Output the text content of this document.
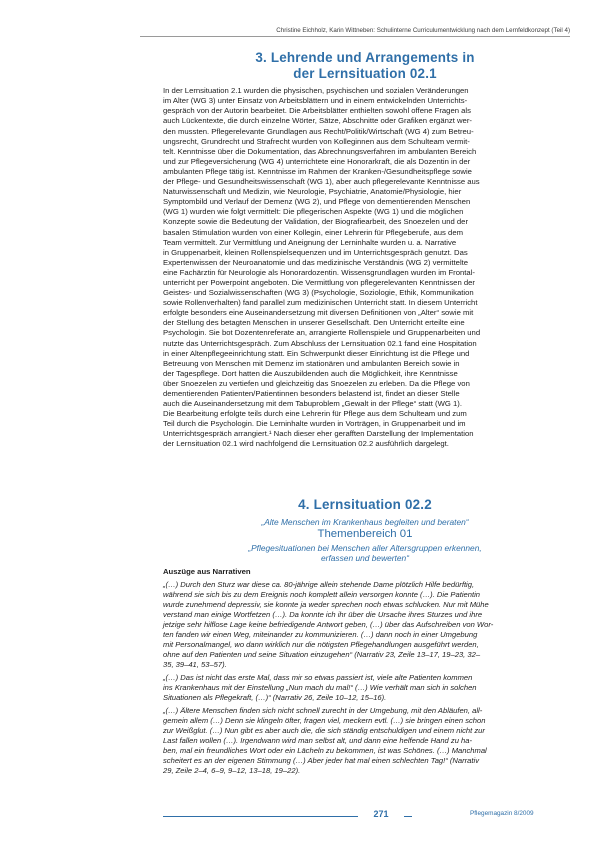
Christine Eichholz, Karin Wittneben: Schulinterne Curriculumentwicklung nach dem Lernfeldkonzept (Teil 4)
3. Lehrende und Arrangements in
der Lernsituation 02.1

In der Lernsituation 2.1 wurden die physischen, psychischen und sozialen Veränderungen
im Alter (WG 3) unter Einsatz von Arbeitsblättern und in einem entwickelnden Unterrichts-
gespräch von der Autorin bearbeitet. Die Arbeitsblätter enthielten sowohl offene Fragen als
auch Lückentexte, die durch einzelne Wörter, Sätze, Abschnitte oder Grafiken ergänzt wer-
den mussten. Pflegerelevante Grundlagen aus Recht/Politik/Wirtschaft (WG 4) zum Betreu-
ungsrecht, Grundrecht und Strafrecht wurden von Kolleginnen aus dem Schulteam vermit-
telt. Kenntnisse über die Dokumentation, das Abrechnungsverfahren im ambulanten Bereich
und zur Pflegeversicherung (WG 4) unterrichtete eine Honorarkraft, die als Dozentin in der
ambulanten Pflege tätig ist. Kenntnisse im Rahmen der Kranken-/Gesundheitspflege sowie
der Pflege- und Gesundheitswissenschaft (WG 1), aber auch pflegerelevante Kenntnisse aus
Naturwissenschaft und Medizin, wie Neurologie, Psychiatrie, Anatomie/Physiologie, hier
Symptombild und Verlauf der Demenz (WG 2), und Pflege von dementierenden Menschen
(WG 1) wurden wie folgt vermittelt: Die pflegerischen Aspekte (WG 1) und die möglichen
Konzepte sowie die Bedeutung der Validation, der Biografiearbeit, des Snoezelen und der
basalen Stimulation wurden von einer Kollegin, einer Lehrerin für Pflegeberufe, aus dem
Team vermittelt. Zur Vermittlung und Aneignung der Lerninhalte wurden u. a. Narrative
in Gruppenarbeit, kleinen Rollenspielsequenzen und im Unterrichtsgespräch genutzt. Das
Expertenwissen der Neuroanatomie und das medizinische Verständnis (WG 2) vermittelte
eine Fachärztin für Neurologie als Honorardozentin. Wissensgrundlagen wurden im Frontal-
unterricht per Powerpoint angeboten. Die Vermittlung von pflegerelevanten Kenntnissen der
Geistes- und Sozialwissenschaften (WG 3) (Psychologie, Soziologie, Ethik, Kommunikation
sowie Rollenverhalten) fand parallel zum medizinischen Unterricht statt. In diesem Unterricht
erfolgte besonders eine Auseinandersetzung mit diversen Definitionen von „Alter“ sowie mit
der Stellung des betagten Menschen in unserer Gesellschaft. Den Unterricht erteilte eine
Psychologin. Sie bot Dozentenreferate an, arrangierte Rollenspiele und Gruppenarbeiten und
nutzte das Unterrichtsgespräch. Zum Abschluss der Lernsituation 02.1 fand eine Hospitation
in einer Altenpflegeeinrichtung statt. Ein Schwerpunkt dieser Einrichtung ist die Pflege und
Betreuung von Menschen mit Demenz im stationären und ambulanten Bereich sowie in
der Tagespflege. Dort hatten die Auszubildenden auch die Möglichkeit, ihre Kenntnisse
über Snoezelen zu vertiefen und gleichzeitig das Snoezelen zu erleben. Da die Pflege von
dementierenden Patienten/Patientinnen besonders belastend ist, findet an dieser Stelle
auch die Auseinandersetzung mit dem Tabuproblem „Gewalt in der Pflege“ statt (WG 1).
Die Bearbeitung erfolgte teils durch eine Lehrerin für Pflege aus dem Schulteam und zum
Teil durch die Psychologin. Die Lerninhalte wurden in Vorträgen, in Gruppenarbeit und im
Unterrichtsgespräch arrangiert.¹ Nach dieser eher gerafften Darstellung der Implementation
der Lernsituation 02.1 wird nachfolgend die Lernsituation 02.2 ausführlich dargelegt.

4. Lernsituation 02.2

„Alte Menschen im Krankenhaus begleiten und beraten“

Themenbereich 01

„Pflegesituationen bei Menschen aller Altersgruppen erkennen,
erfassen und bewerten“

Auszüge aus Narrativen

„(…) Durch den Sturz war diese ca. 80-jährige allein stehende Dame plötzlich Hilfe bedürftig,
während sie sich bis zu dem Ereignis noch komplett allein versorgen konnte (…). Die Patientin
wurde zunehmend depressiv, sie konnte ja weder sprechen noch etwas schlucken. Nur mit Mühe
verstand man einige Wortfetzen (…). Da konnte ich ihr über die Ursache ihres Sturzes und ihre
jetzige sehr hilflose Lage keine befriedigende Antwort geben, (…) über das Aufschreiben von Wor-
ten fanden wir einen Weg, miteinander zu kommunizieren. (…) dann noch in einer Umgebung
mit Personalmangel, wo dann wirklich nur die nötigsten Pflegehandlungen ausgeführt werden,
ohne auf den Patienten und seine Situation einzugehen“ (Narrativ 23, Zeile 13–17, 19–23, 32–
35, 39–41, 53–57).

„(…) Das ist nicht das erste Mal, dass mir so etwas passiert ist, viele alte Patienten kommen
ins Krankenhaus mit der Einstellung „Nun mach du mal!“ (…) Wie verhält man sich in solchen
Situationen als Pflegekraft, (…)“ (Narrativ 26, Zeile 10–12, 15–16).

„(…) Ältere Menschen finden sich nicht schnell zurecht in der Umgebung, mit den Abläufen, all-
gemein allem (…) Denn sie klingeln öfter, fragen viel, meckern evtl. (…) sie bringen einen schon
zur Weißglut. (…) Nun gibt es aber auch die, die sich ständig entschuldigen und einem nicht zur
Last fallen wollen (…). Irgendwann wird man selbst alt, und dann eine helfende Hand zu ha-
ben, mal ein freundliches Wort oder ein Lächeln zu bekommen, ist was Schönes. (…) Manchmal
scheitert es an der eigenen Stimmung (…) Aber jeder hat mal einen schlechten Tag!“ (Narrativ
29, Zeile 2–4, 6–9, 9–12, 13–18, 19–22).

271	Pflegemagazin 8/2009
